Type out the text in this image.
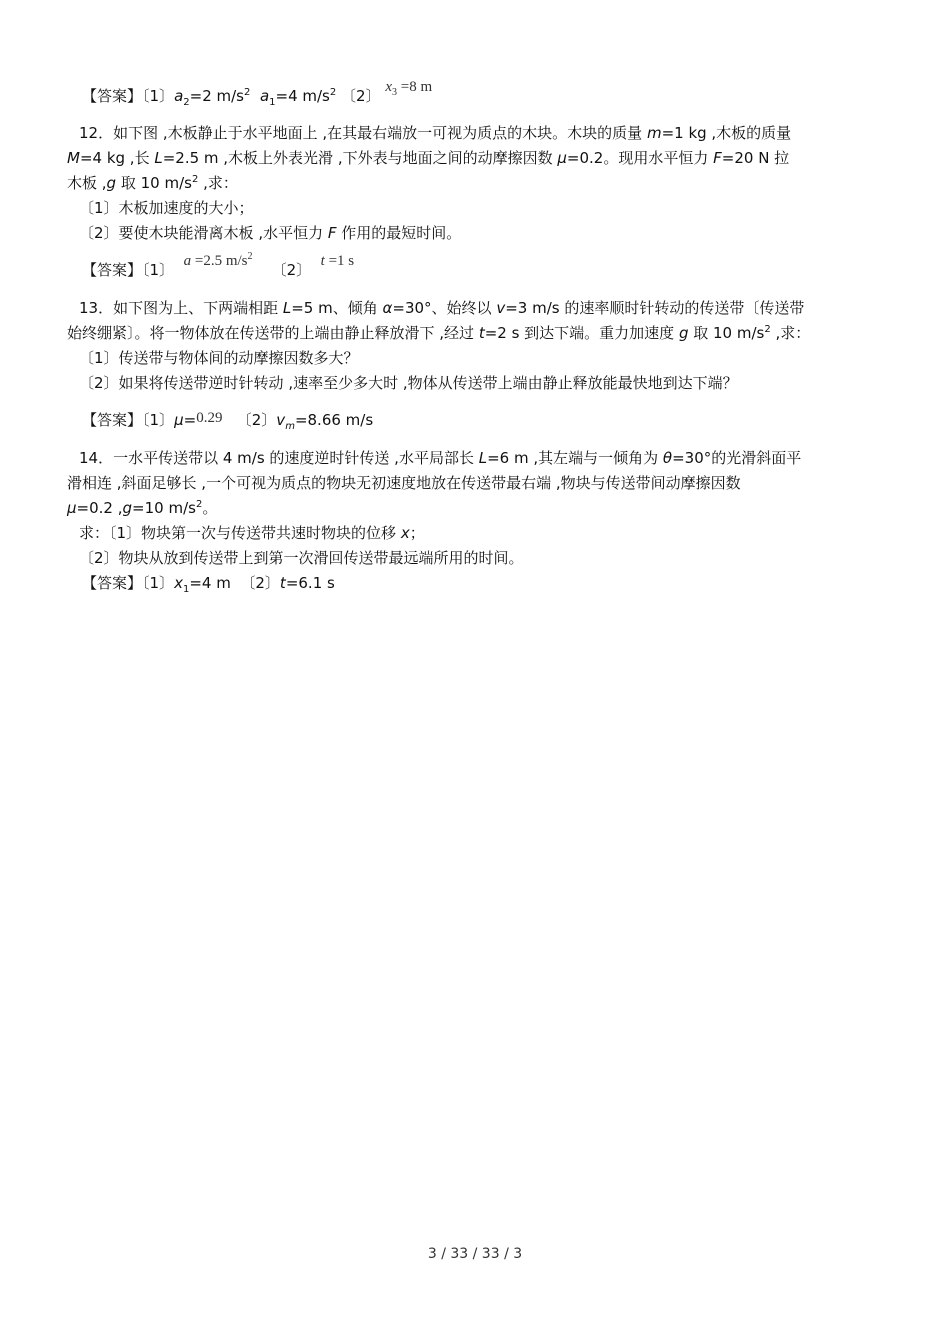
【答案】〔1〕$a_2=2$ $m/s^2$ $a_1=4$ $m/s^2$ 〔2〕 $x_3 =8$ m
12．如下图 ,木板静止于水平地面上 ,在其最右端放一可视为质点的木块。木块的质量 m=1 kg ,木板的质量
M=4 kg ,长 L=2.5 m ,木板上外表光滑 ,下外表与地面之间的动摩擦因数 μ=0.2。现用水平恒力 F=20 N 拉
木板 ,g 取 10 $m/s^2$ ,求：
〔1〕木板加速度的大小；
〔2〕要使木块能滑离木板 ,水平恒力 F 作用的最短时间。
【答案】〔1〕 a =2.5 $m/s^2$    〔2〕 t =1 s
13．如下图为上、下两端相距 L=5 m、倾角 α=30°、始终以 v=3 m/s 的速率顺时针转动的传送带〔传送带
始终绷紧〕。将一物体放在传送带的上端由静止释放滑下 ,经过 t=2 s 到达下端。重力加速度 g 取 10 $m/s^2$ ,求：
〔1〕传送带与物体间的动摩擦因数多大？
〔2〕如果将传送带逆时针转动 ,速率至少多大时 ,物体从传送带上端由静止释放能最快地到达下端？
【答案】〔1〕μ=0.29 〔2〕$v_m=8.66$ m/s
14．一水平传送带以 4 m/s 的速度逆时针传送 ,水平局部长 L=6 m ,其左端与一倾角为 θ=30°的光滑斜面平
滑相连 ,斜面足够长 ,一个可视为质点的物块无初速度地放在传送带最右端 ,物块与传送带间动摩擦因数
μ=0.2 ,g=10 $m/s^2$。
求：〔1〕物块第一次与传送带共速时物块的位移 x；
〔2〕物块从放到传送带上到第一次滑回传送带最远端所用的时间。
【答案】〔1〕$x_1=4$ m 〔2〕t=6.1 s
3 / 33 / 33 / 3
